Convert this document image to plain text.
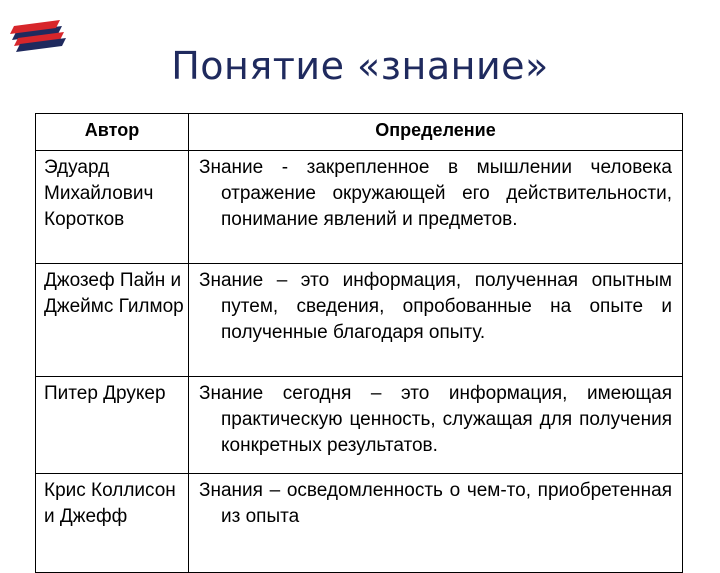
Понятие «знание»
Автор	Определение
Эдуард Михайлович Коротков	Знание - закрепленное в мышлении человека отражение окружающей его действительности, понимание явлений и предметов.
Джозеф Пайн и Джеймс Гилмор	Знание – это информация, полученная опытным путем, сведения, опробованные на опыте и полученные благодаря опыту.
Питер Друкер	Знание сегодня – это информация, имеющая практическую ценность, служащая для получения конкретных результатов.
Крис Коллисон и Джефф	Знания – осведомленность о чем-то, приобретенная из опыта
